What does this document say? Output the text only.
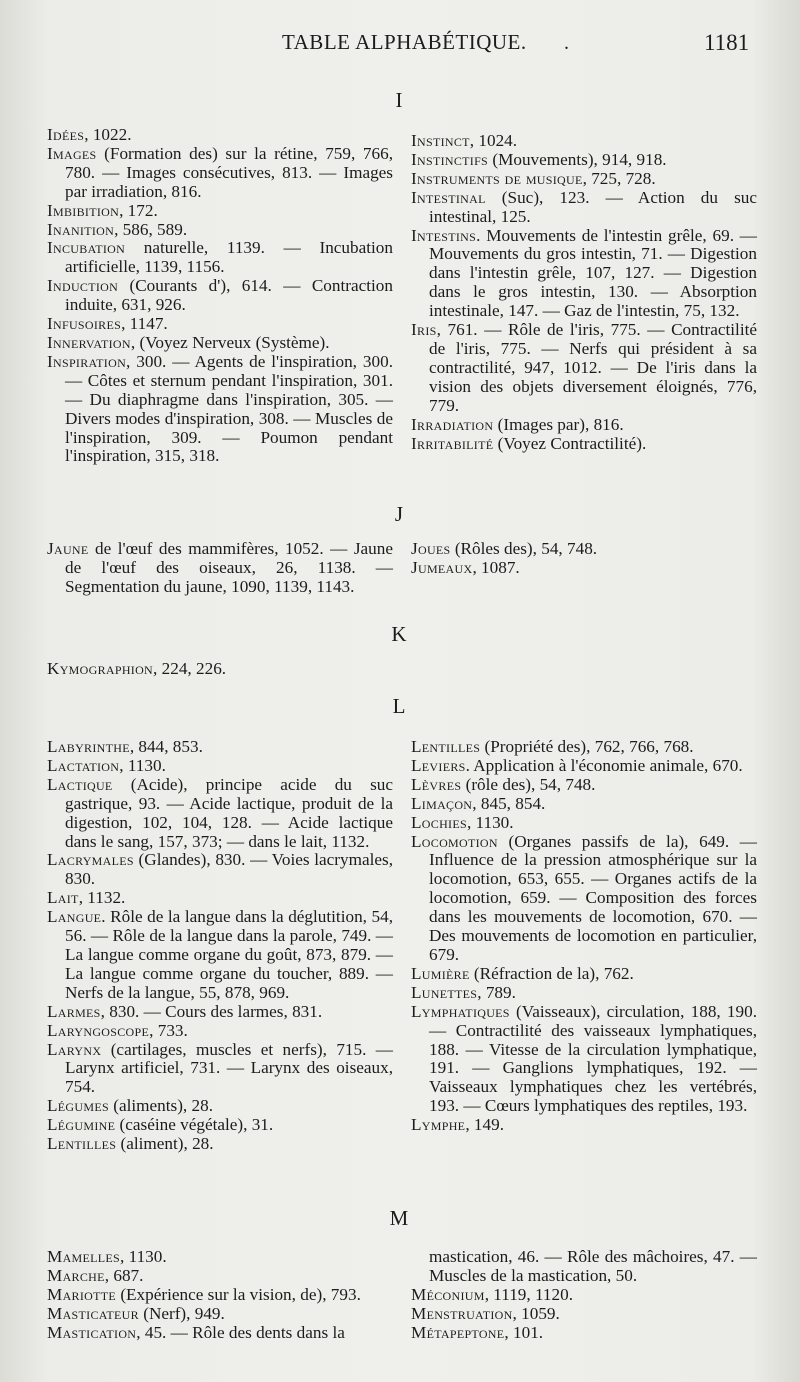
TABLE ALPHABÉTIQUE. .	1181
I

Idées, 1022.

Images (Formation des) sur la rétine, 759, 766, 780. — Images consécutives, 813. — Images par irradiation, 816.

Imbibition, 172.

Inanition, 586, 589.

Incubation naturelle, 1139. — Incubation artificielle, 1139, 1156.

Induction (Courants d'), 614. — Contraction induite, 631, 926.

Infusoires, 1147.

Innervation, (Voyez Nerveux (Système).

Inspiration, 300. — Agents de l'inspiration, 300. — Côtes et sternum pendant l'inspiration, 301. — Du diaphragme dans l'inspiration, 305. — Divers modes d'inspiration, 308. — Muscles de l'inspiration, 309. — Poumon pendant l'inspiration, 315, 318.

Instinct, 1024.

Instinctifs (Mouvements), 914, 918.

Instruments de musique, 725, 728.

Intestinal (Suc), 123. — Action du suc intestinal, 125.

Intestins. Mouvements de l'intestin grêle, 69. — Mouvements du gros intestin, 71. — Digestion dans l'intestin grêle, 107, 127. — Digestion dans le gros intestin, 130. — Absorption intestinale, 147. — Gaz de l'intestin, 75, 132.

Iris, 761. — Rôle de l'iris, 775. — Contractilité de l'iris, 775. — Nerfs qui président à sa contractilité, 947, 1012. — De l'iris dans la vision des objets diversement éloignés, 776, 779.

Irradiation (Images par), 816.

Irritabilité (Voyez Contractilité).

J

Jaune de l'œuf des mammifères, 1052. — Jaune de l'œuf des oiseaux, 26, 1138. — Segmentation du jaune, 1090, 1139, 1143.

Joues (Rôles des), 54, 748.

Jumeaux, 1087.

K

Kymographion, 224, 226.

L

Labyrinthe, 844, 853.

Lactation, 1130.

Lactique (Acide), principe acide du suc gastrique, 93. — Acide lactique, produit de la digestion, 102, 104, 128. — Acide lactique dans le sang, 157, 373; — dans le lait, 1132.

Lacrymales (Glandes), 830. — Voies lacrymales, 830.

Lait, 1132.

Langue. Rôle de la langue dans la déglutition, 54, 56. — Rôle de la langue dans la parole, 749. — La langue comme organe du goût, 873, 879. — La langue comme organe du toucher, 889. — Nerfs de la langue, 55, 878, 969.

Larmes, 830. — Cours des larmes, 831.

Laryngoscope, 733.

Larynx (cartilages, muscles et nerfs), 715. — Larynx artificiel, 731. — Larynx des oiseaux, 754.

Légumes (aliments), 28.

Légumine (caséine végétale), 31.

Lentilles (aliment), 28.

Lentilles (Propriété des), 762, 766, 768.

Leviers. Application à l'économie animale, 670.

Lèvres (rôle des), 54, 748.

Limaçon, 845, 854.

Lochies, 1130.

Locomotion (Organes passifs de la), 649. — Influence de la pression atmosphérique sur la locomotion, 653, 655. — Organes actifs de la locomotion, 659. — Composition des forces dans les mouvements de locomotion, 670. — Des mouvements de locomotion en particulier, 679.

Lumière (Réfraction de la), 762.

Lunettes, 789.

Lymphatiques (Vaisseaux), circulation, 188, 190. — Contractilité des vaisseaux lymphatiques, 188. — Vitesse de la circulation lymphatique, 191. — Ganglions lymphatiques, 192. — Vaisseaux lymphatiques chez les vertébrés, 193. — Cœurs lymphatiques des reptiles, 193.

Lymphe, 149.

M

Mamelles, 1130.

Marche, 687.

Mariotte (Expérience sur la vision, de), 793.

Masticateur (Nerf), 949.

Mastication, 45. — Rôle des dents dans la

mastication, 46. — Rôle des mâchoires, 47. — Muscles de la mastication, 50.

Méconium, 1119, 1120.

Menstruation, 1059.

Métapeptone, 101.
